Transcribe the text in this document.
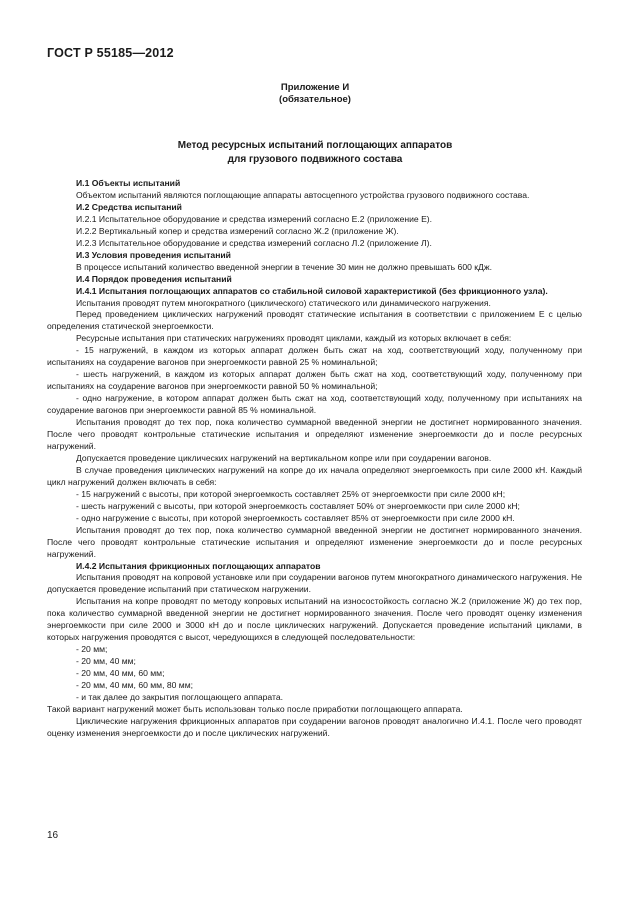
ГОСТ Р 55185—2012
Приложение И
(обязательное)
Метод ресурсных испытаний поглощающих аппаратов
для грузового подвижного состава

И.1 Объекты испытаний

Объектом испытаний являются поглощающие аппараты автосцепного устройства грузового подвижного состава.

И.2 Средства испытаний

И.2.1 Испытательное оборудование и средства измерений согласно Е.2 (приложение Е).

И.2.2 Вертикальный копер и средства измерений согласно Ж.2 (приложение Ж).

И.2.3 Испытательное оборудование и средства измерений согласно Л.2 (приложение Л).

И.3 Условия проведения испытаний

В процессе испытаний количество введенной энергии в течение 30 мин не должно превышать 600 кДж.

И.4 Порядок проведения испытаний

И.4.1 Испытания поглощающих аппаратов со стабильной силовой характеристикой (без фрикционного узла).

Испытания проводят путем многократного (циклического) статического или динамического нагружения.

Перед проведением циклических нагружений проводят статические испытания в соответствии с приложением Е с целью определения статической энергоемкости.

Ресурсные испытания при статических нагружениях проводят циклами, каждый из которых включает в себя:

- 15 нагружений, в каждом из которых аппарат должен быть сжат на ход, соответствующий ходу, полученному при испытаниях на соударение вагонов при энергоемкости равной 25 % номинальной;

- шесть нагружений, в каждом из которых аппарат должен быть сжат на ход, соответствующий ходу, полученному при испытаниях на соударение вагонов при энергоемкости равной 50 % номинальной;

- одно нагружение, в котором аппарат должен быть сжат на ход, соответствующий ходу, полученному при испытаниях на соударение вагонов при энергоемкости равной 85 % номинальной.

Испытания проводят до тех пор, пока количество суммарной введенной энергии не достигнет нормированного значения. После чего проводят контрольные статические испытания и определяют изменение энергоемкости до и после ресурсных нагружений.

Допускается проведение циклических нагружений на вертикальном копре или при соударении вагонов.

В случае проведения циклических нагружений на копре до их начала определяют энергоемкость при силе 2000 кН. Каждый цикл нагружений должен включать в себя:

- 15 нагружений с высоты, при которой энергоемкость составляет 25% от энергоемкости при силе 2000 кН;

- шесть нагружений с высоты, при которой энергоемкость составляет 50% от энергоемкости при силе 2000 кН;

- одно нагружение с высоты, при которой энергоемкость составляет 85% от энергоемкости при силе 2000 кН.

Испытания проводят до тех пор, пока количество суммарной введенной энергии не достигнет нормированного значения. После чего проводят контрольные статические испытания и определяют изменение энергоемкости до и после ресурсных нагружений.

И.4.2 Испытания фрикционных поглощающих аппаратов

Испытания проводят на копровой установке или при соударении вагонов путем многократного динамического нагружения. Не допускается проведение испытаний при статическом нагружении.

Испытания на копре проводят по методу копровых испытаний на износостойкость согласно Ж.2 (приложение Ж) до тех пор, пока количество суммарной введенной энергии не достигнет нормированного значения. После чего проводят оценку изменения энергоемкости при силе 2000 и 3000 кН до и после циклических нагружений. Допускается проведение испытаний циклами, в которых нагружения проводятся с высот, чередующихся в следующей последовательности:

- 20 мм;

- 20 мм, 40 мм;

- 20 мм, 40 мм, 60 мм;

- 20 мм, 40 мм, 60 мм, 80 мм;

- и так далее до закрытия поглощающего аппарата.

Такой вариант нагружений может быть использован только после приработки поглощающего аппарата.

Циклические нагружения фрикционных аппаратов при соударении вагонов проводят аналогично И.4.1. После чего проводят оценку изменения энергоемкости до и после циклических нагружений.

16
